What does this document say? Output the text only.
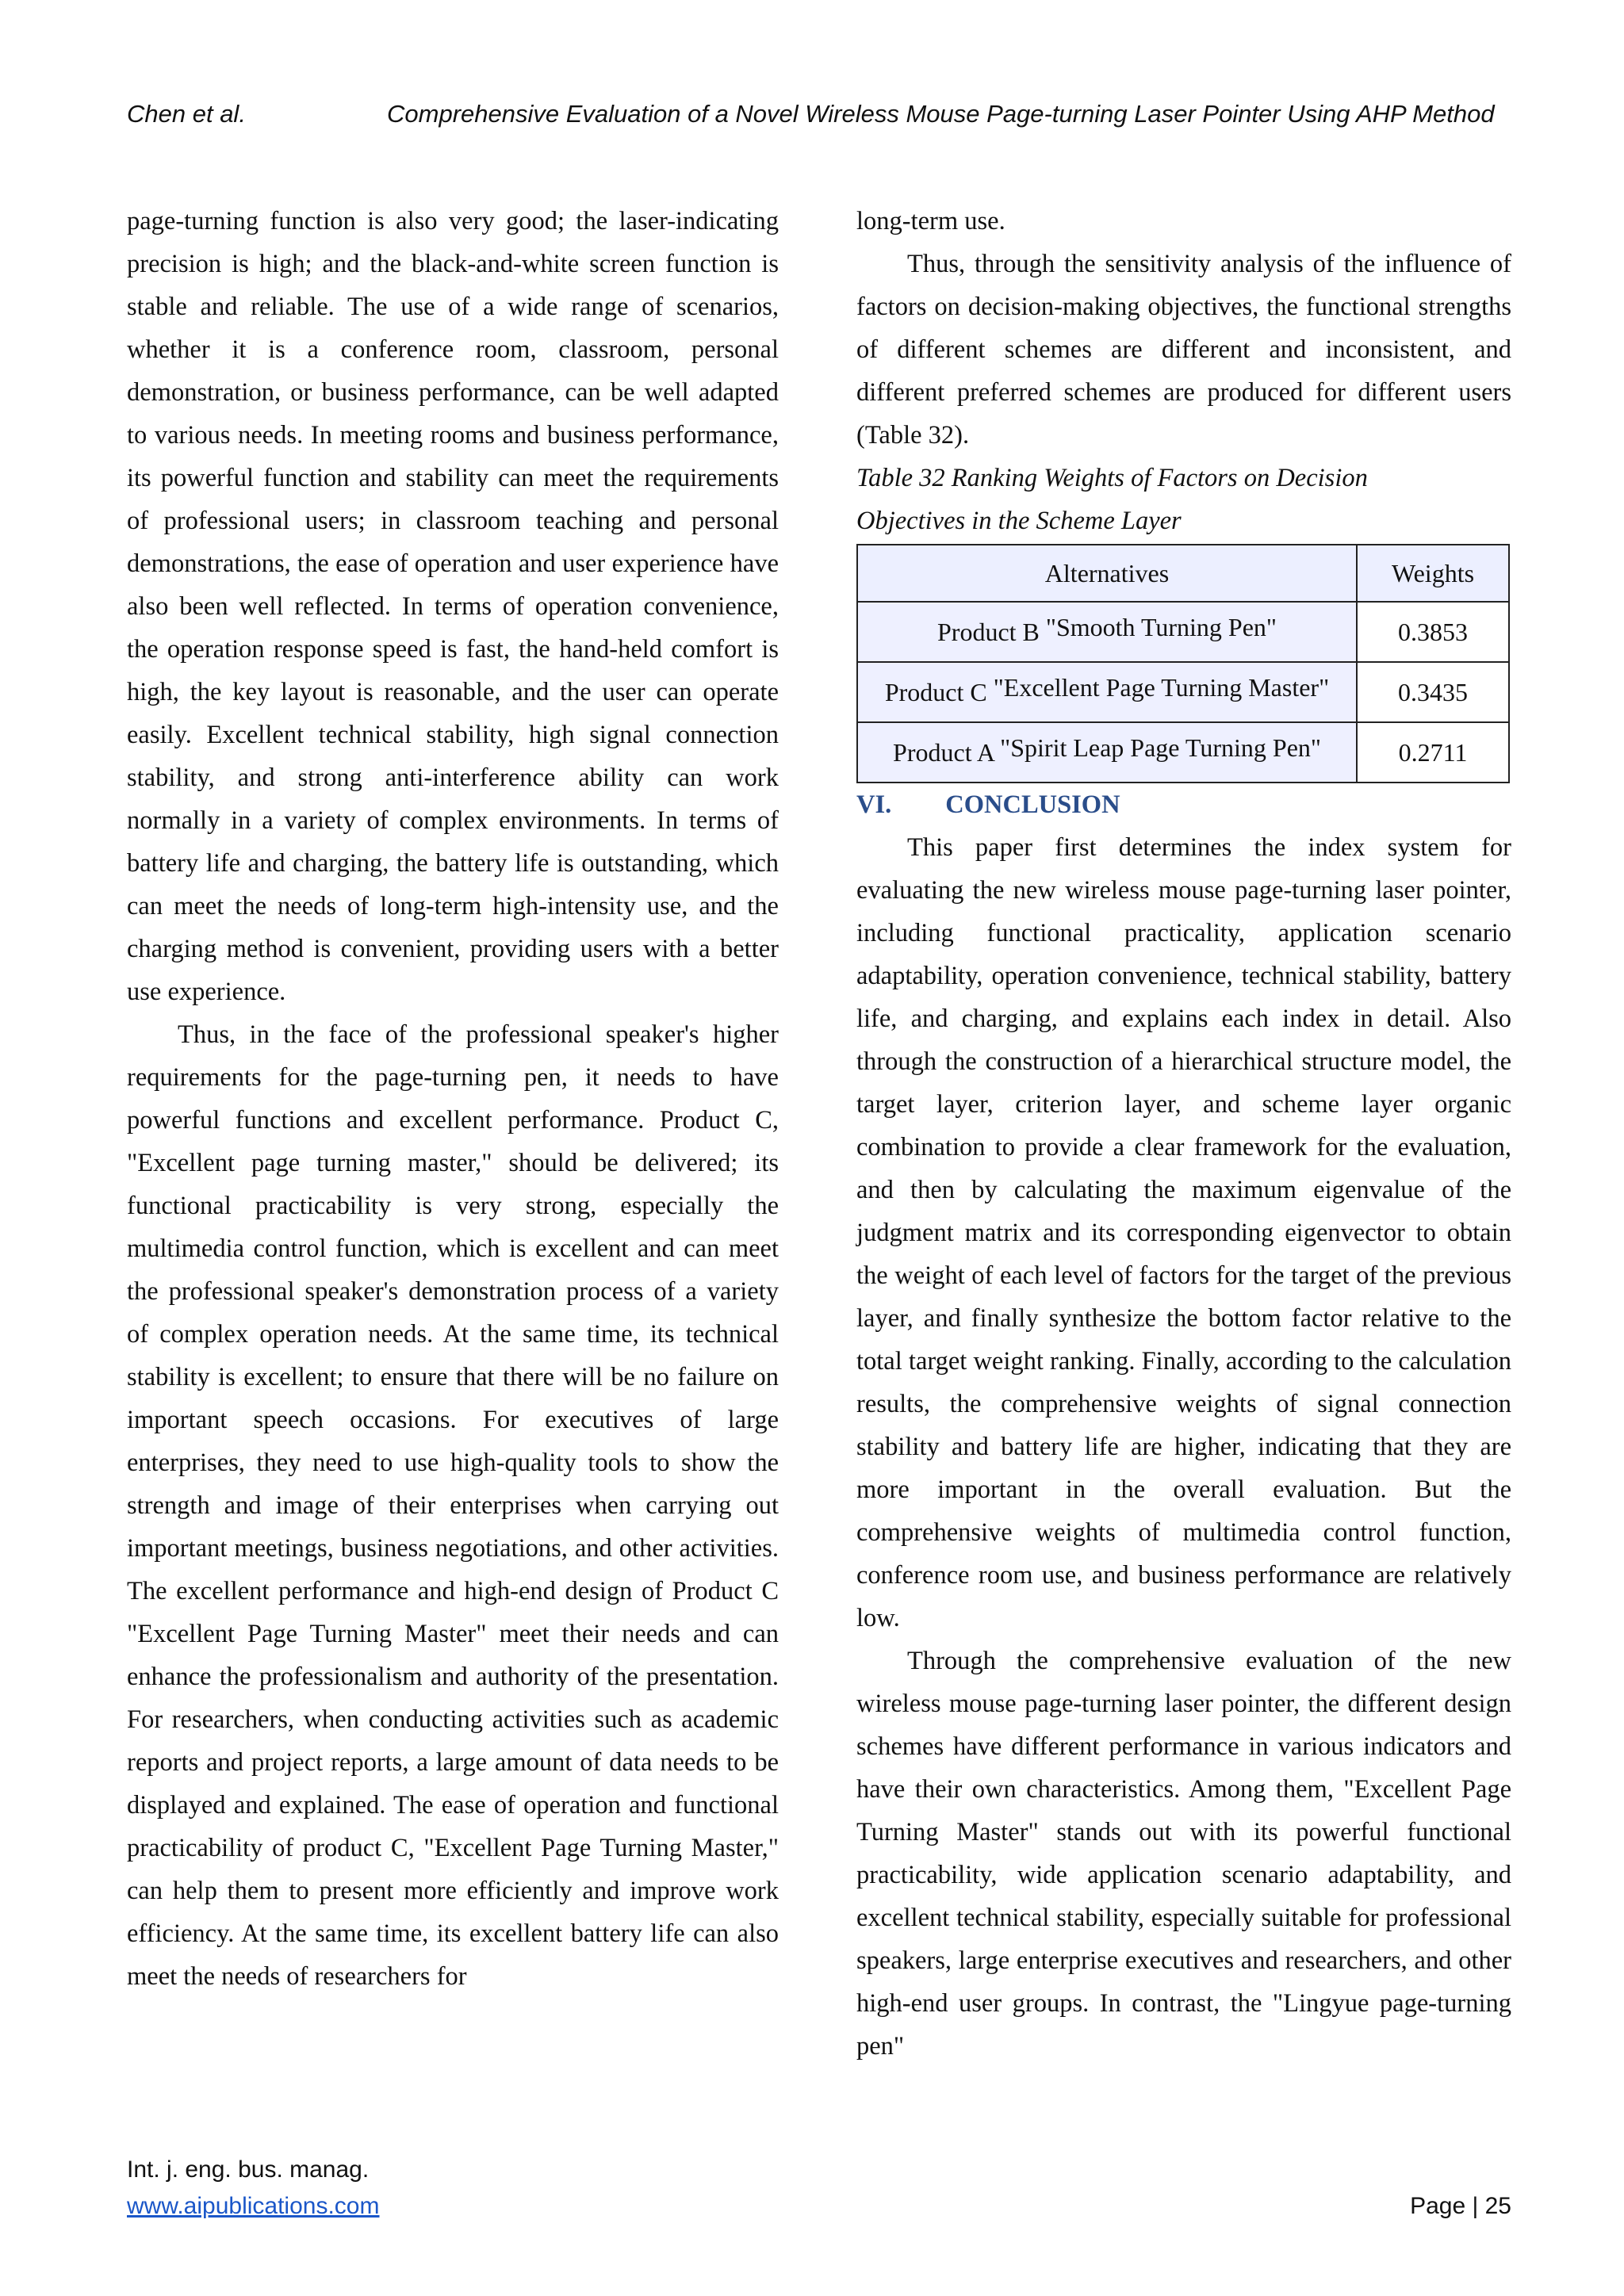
Chen et al.	Comprehensive Evaluation of a Novel Wireless Mouse Page-turning Laser Pointer Using AHP Method

page-turning function is also very good; the laser-indicating precision is high; and the black-and-white screen function is stable and reliable. The use of a wide range of scenarios, whether it is a conference room, classroom, personal demonstration, or business performance, can be well adapted to various needs. In meeting rooms and business performance, its powerful function and stability can meet the requirements of professional users; in classroom teaching and personal demonstrations, the ease of operation and user experience have also been well reflected. In terms of operation convenience, the operation response speed is fast, the hand-held comfort is high, the key layout is reasonable, and the user can operate easily. Excellent technical stability, high signal connection stability, and strong anti-interference ability can work normally in a variety of complex environments. In terms of battery life and charging, the battery life is outstanding, which can meet the needs of long-term high-intensity use, and the charging method is convenient, providing users with a better use experience.

Thus, in the face of the professional speaker's higher requirements for the page-turning pen, it needs to have powerful functions and excellent performance. Product C, "Excellent page turning master," should be delivered; its functional practicability is very strong, especially the multimedia control function, which is excellent and can meet the professional speaker's demonstration process of a variety of complex operation needs. At the same time, its technical stability is excellent; to ensure that there will be no failure on important speech occasions. For executives of large enterprises, they need to use high-quality tools to show the strength and image of their enterprises when carrying out important meetings, business negotiations, and other activities. The excellent performance and high-end design of Product C "Excellent Page Turning Master" meet their needs and can enhance the professionalism and authority of the presentation. For researchers, when conducting activities such as academic reports and project reports, a large amount of data needs to be displayed and explained. The ease of operation and functional practicability of product C, "Excellent Page Turning Master," can help them to present more efficiently and improve work efficiency. At the same time, its excellent battery life can also meet the needs of researchers for

long-term use.

Thus, through the sensitivity analysis of the influence of factors on decision-making objectives, the functional strengths of different schemes are different and inconsistent, and different preferred schemes are produced for different users (Table 32).

Table 32 Ranking Weights of Factors on Decision

Objectives in the Scheme Layer

Alternatives	Weights
Product B "Smooth Turning Pen"	0.3853
Product C "Excellent Page Turning Master"	0.3435
Product A "Spirit Leap Page Turning Pen"	0.2711

VI. CONCLUSION

This paper first determines the index system for evaluating the new wireless mouse page-turning laser pointer, including functional practicality, application scenario adaptability, operation convenience, technical stability, battery life, and charging, and explains each index in detail. Also through the construction of a hierarchical structure model, the target layer, criterion layer, and scheme layer organic combination to provide a clear framework for the evaluation, and then by calculating the maximum eigenvalue of the judgment matrix and its corresponding eigenvector to obtain the weight of each level of factors for the target of the previous layer, and finally synthesize the bottom factor relative to the total target weight ranking. Finally, according to the calculation results, the comprehensive weights of signal connection stability and battery life are higher, indicating that they are more important in the overall evaluation. But the comprehensive weights of multimedia control function, conference room use, and business performance are relatively low.

Through the comprehensive evaluation of the new wireless mouse page-turning laser pointer, the different design schemes have different performance in various indicators and have their own characteristics. Among them, "Excellent Page Turning Master" stands out with its powerful functional practicability, wide application scenario adaptability, and excellent technical stability, especially suitable for professional speakers, large enterprise executives and researchers, and other high-end user groups. In contrast, the "Lingyue page-turning pen"

Int. j. eng. bus. manag.
www.aipublications.com	Page | 25
